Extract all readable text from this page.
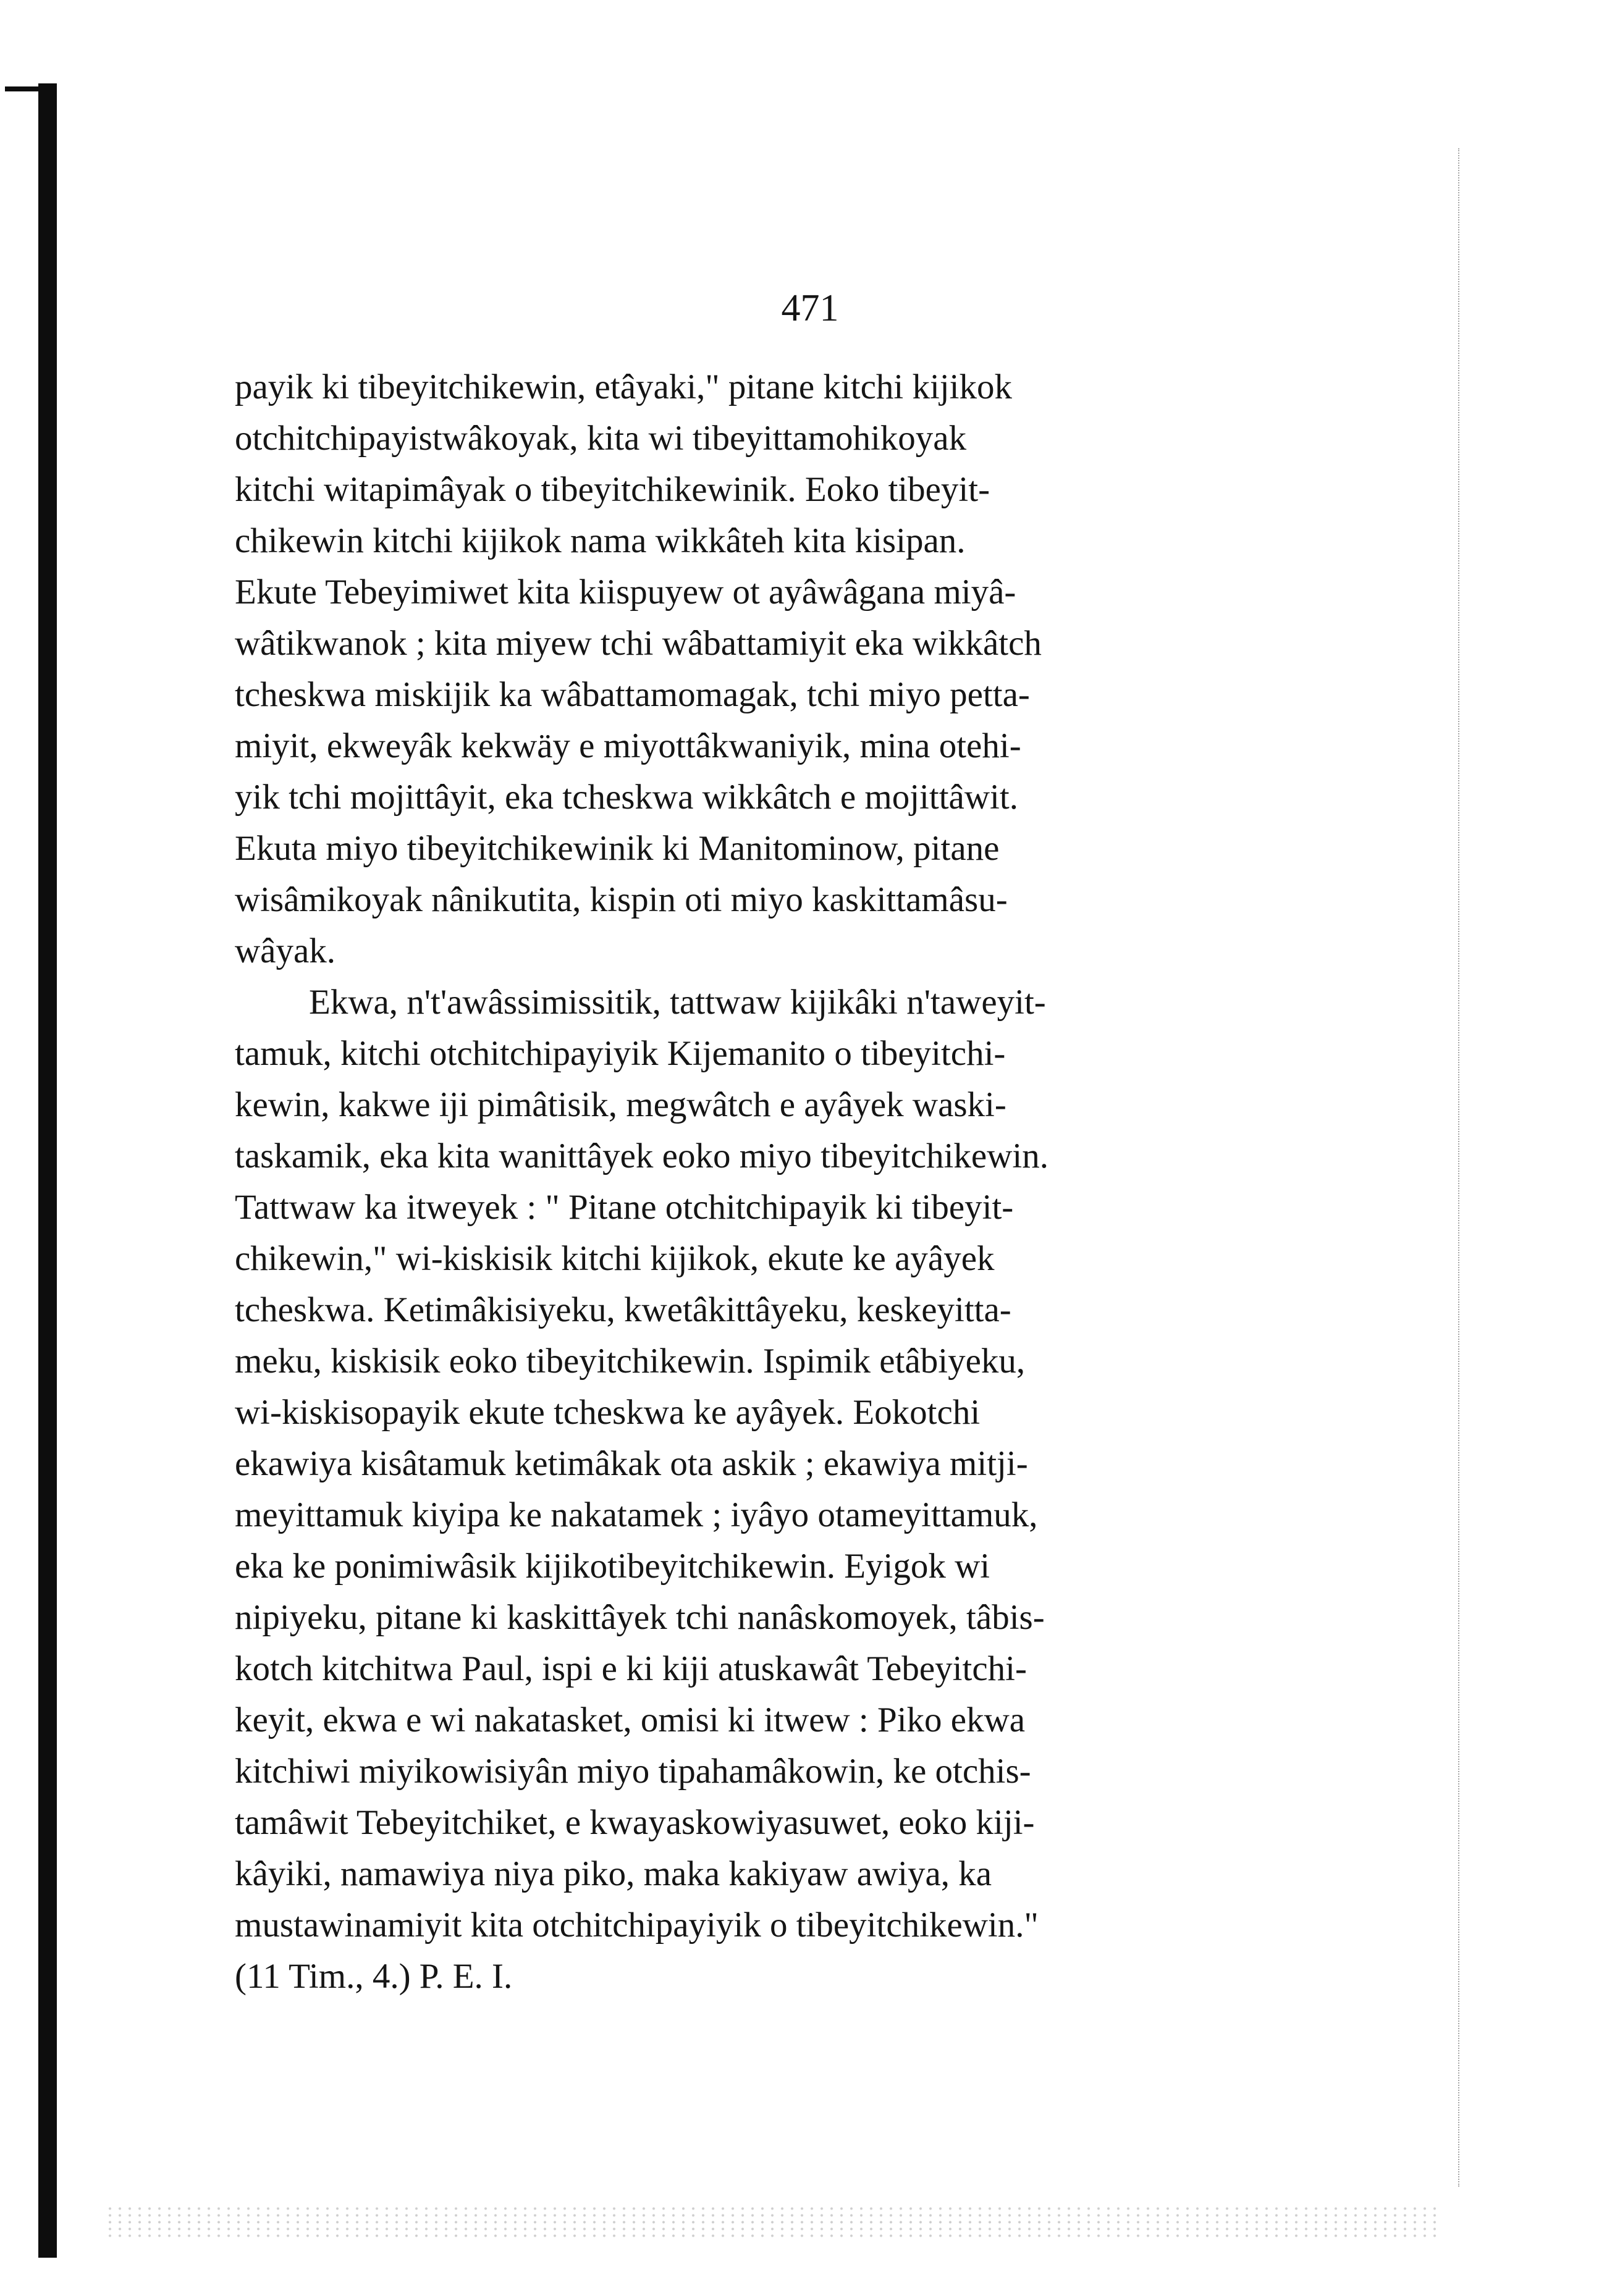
471
payik ki tibeyitchikewin, etâyaki," pitane kitchi kijikok
otchitchipayistwâkoyak, kita wi tibeyittamohikoyak
kitchi witapimâyak o tibeyitchikewinik. Eoko tibeyit-
chikewin kitchi kijikok nama wikkâteh kita kisipan.
Ekute Tebeyimiwet kita kiispuyew ot ayâwâgana miyâ-
wâtikwanok ; kita miyew tchi wâbattamiyit eka wikkâtch
tcheskwa miskijik ka wâbattamomagak, tchi miyo petta-
miyit, ekweyâk kekwäy e miyottâkwaniyik, mina otehi-
yik tchi mojittâyit, eka tcheskwa wikkâtch e mojittâwit.
Ekuta miyo tibeyitchikewinik ki Manitominow, pitane
wisâmikoyak nânikutita, kispin oti miyo kaskittamâsu-
wâyak.
Ekwa, n't'awâssimissitik, tattwaw kijikâki n'taweyit-
tamuk, kitchi otchitchipayiyik Kijemanito o tibeyitchi-
kewin, kakwe iji pimâtisik, megwâtch e ayâyek waski-
taskamik, eka kita wanittâyek eoko miyo tibeyitchikewin.
Tattwaw ka itweyek : " Pitane otchitchipayik ki tibeyit-
chikewin," wi-kiskisik kitchi kijikok, ekute ke ayâyek
tcheskwa. Ketimâkisiyeku, kwetâkittâyeku, keskeyitta-
meku, kiskisik eoko tibeyitchikewin. Ispimik etâbiyeku,
wi-kiskisopayik ekute tcheskwa ke ayâyek. Eokotchi
ekawiya kisâtamuk ketimâkak ota askik ; ekawiya mitji-
meyittamuk kiyipa ke nakatamek ; iyâyo otameyittamuk,
eka ke ponimiwâsik kijikotibeyitchikewin. Eyigok wi
nipiyeku, pitane ki kaskittâyek tchi nanâskomoyek, tâbis-
kotch kitchitwa Paul, ispi e ki kiji atuskawât Tebeyitchi-
keyit, ekwa e wi nakatasket, omisi ki itwew : Piko ekwa
kitchiwi miyikowisiyân miyo tipahamâkowin, ke otchis-
tamâwit Tebeyitchiket, e kwayaskowiyasuwet, eoko kiji-
kâyiki, namawiya niya piko, maka kakiyaw awiya, ka
mustawinamiyit kita otchitchipayiyik o tibeyitchikewin."
(11 Tim., 4.) P. E. I.
